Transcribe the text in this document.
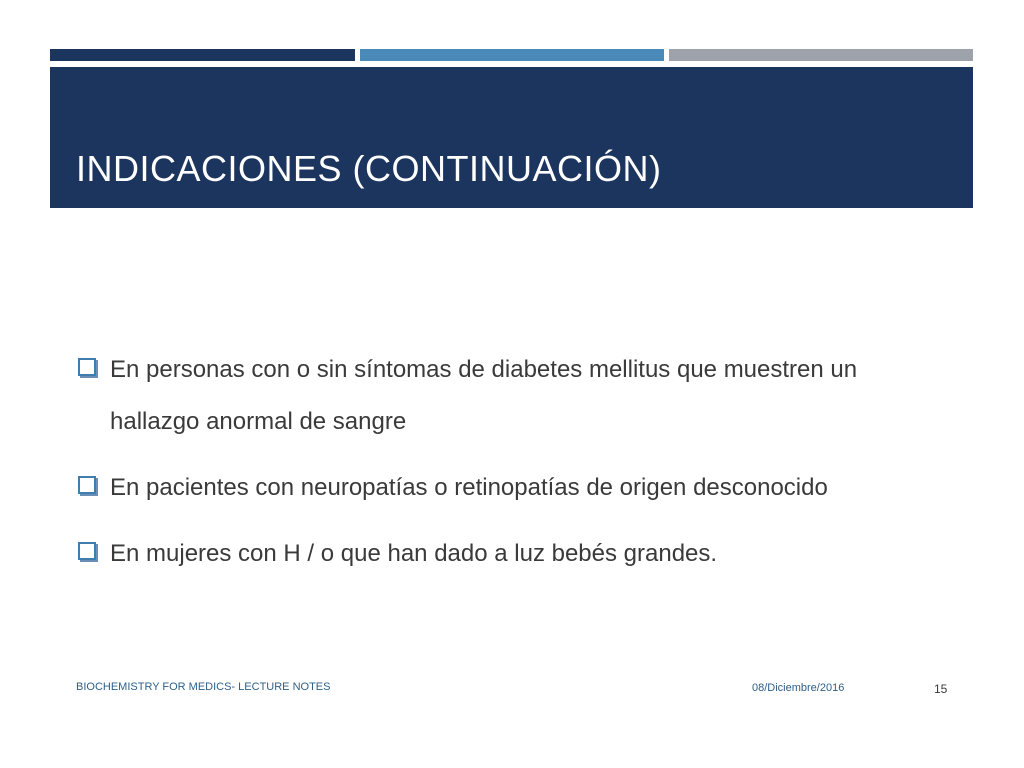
INDICACIONES (CONTINUACIÓN)
En personas con o sin síntomas de diabetes mellitus que muestren un hallazgo anormal de sangre
En pacientes con neuropatías o retinopatías de origen desconocido
En mujeres con H / o que han dado a luz bebés grandes.
BIOCHEMISTRY FOR MEDICS- LECTURE NOTES	08/Diciembre/2016	15
